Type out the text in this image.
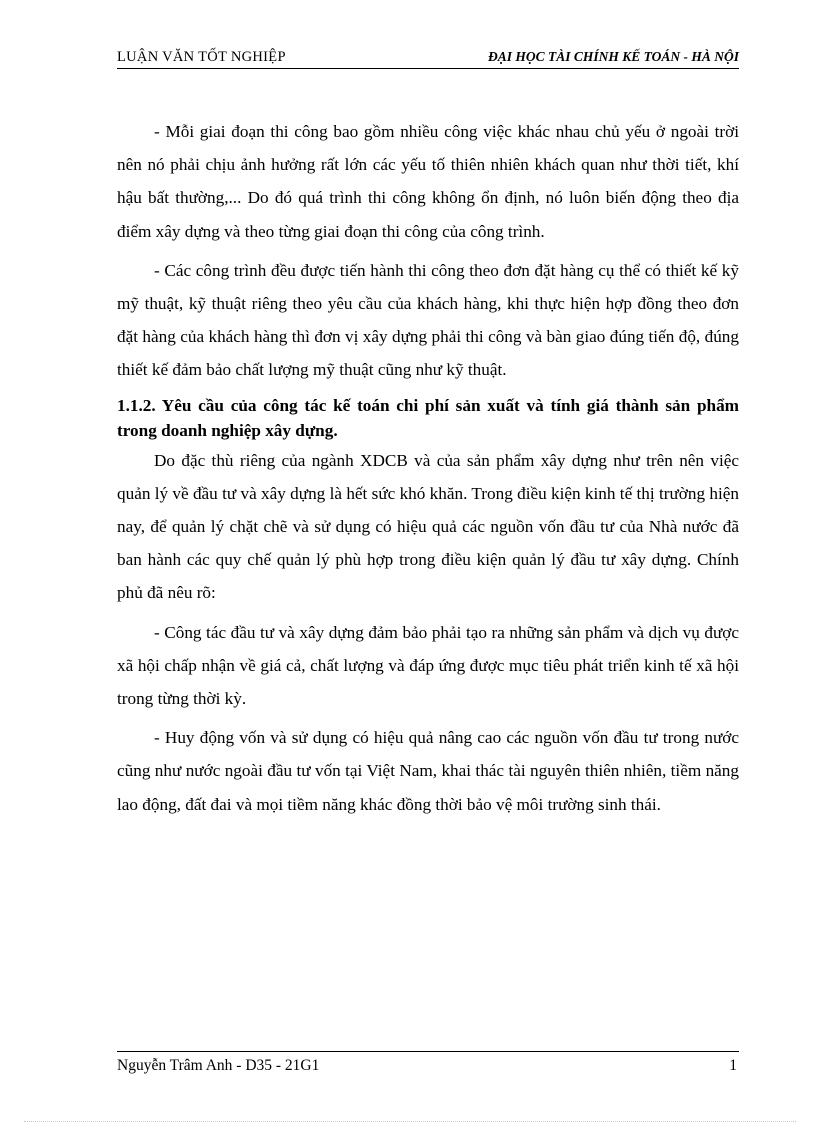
LUẬN VĂN TỐT NGHIỆP	ĐẠI HỌC TÀI CHÍNH KẾ TOÁN - HÀ NỘI

- Mỗi giai đoạn thi công bao gồm nhiều công việc khác nhau chủ yếu ở ngoài trời nên nó phải chịu ảnh hưởng rất lớn các yếu tố thiên nhiên khách quan như thời tiết, khí hậu bất thường,... Do đó quá trình thi công không ổn định, nó luôn biến động theo địa điểm xây dựng và theo từng giai đoạn thi công của công trình.

- Các công trình đều được tiến hành thi công theo đơn đặt hàng cụ thể có thiết kế kỹ mỹ thuật, kỹ thuật riêng theo yêu cầu của khách hàng, khi thực hiện hợp đồng theo đơn đặt hàng của khách hàng thì đơn vị xây dựng phải thi công và bàn giao đúng tiến độ, đúng thiết kế đảm bảo chất lượng mỹ thuật cũng như kỹ thuật.

1.1.2. Yêu cầu của công tác kế toán chi phí sản xuất và tính giá thành sản phẩm trong doanh nghiệp xây dựng.

Do đặc thù riêng của ngành XDCB và của sản phẩm xây dựng như trên nên việc quản lý về đầu tư và xây dựng là hết sức khó khăn. Trong điều kiện kinh tế thị trường hiện nay, để quản lý chặt chẽ và sử dụng có hiệu quả các nguồn vốn đầu tư của Nhà nước đã ban hành các quy chế quản lý phù hợp trong điều kiện quản lý đầu tư xây dựng. Chính phủ đã nêu rõ:

- Công tác đầu tư và xây dựng đảm bảo phải tạo ra những sản phẩm và dịch vụ được xã hội chấp nhận về giá cả, chất lượng và đáp ứng được mục tiêu phát triển kinh tế xã hội trong từng thời kỳ.

- Huy động vốn và sử dụng có hiệu quả nâng cao các nguồn vốn đầu tư trong nước cũng như nước ngoài đầu tư vốn tại Việt Nam, khai thác tài nguyên thiên nhiên, tiềm năng lao động, đất đai và mọi tiềm năng khác đồng thời bảo vệ môi trường sinh thái.

Nguyễn Trâm Anh - D35 - 21G1	1
